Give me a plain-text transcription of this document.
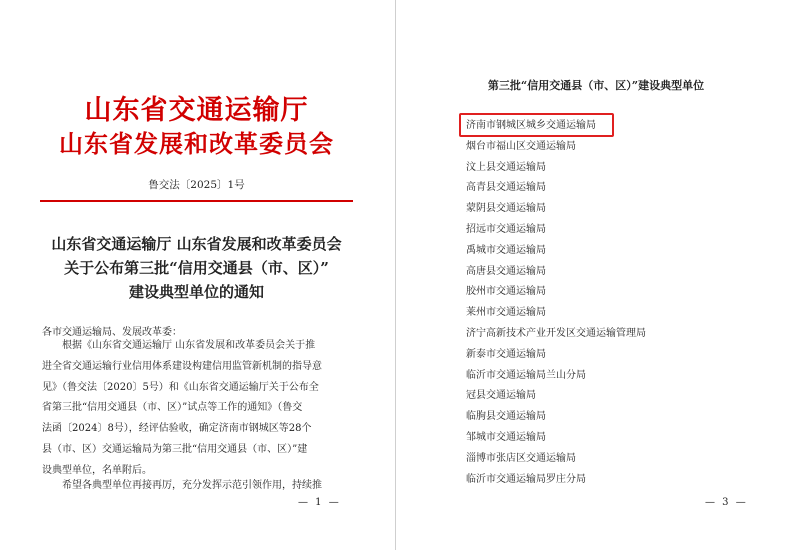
山东省交通运输厅
山东省发展和改革委员会
鲁交法〔2025〕1号
山东省交通运输厅 山东省发展和改革委员会
关于公布第三批“信用交通县（市、区）”
建设典型单位的通知
各市交通运输局、发展改革委：
根据《山东省交通运输厅 山东省发展和改革委员会关于推
进全省交通运输行业信用体系建设构建信用监管新机制的指导意
见》（鲁交法〔2020〕5号）和《山东省交通运输厅关于公布全
省第三批“信用交通县（市、区）”试点等工作的通知》（鲁交
法函〔2024〕8号），经评估验收，确定济南市钢城区等28个
县（市、区）交通运输局为第三批“信用交通县（市、区）”建
设典型单位，名单附后。
希望各典型单位再接再厉，充分发挥示范引领作用，持续推
— 1 —
第三批“信用交通县（市、区）”建设典型单位
济南市钢城区城乡交通运输局
烟台市福山区交通运输局
汶上县交通运输局
高青县交通运输局
蒙阴县交通运输局
招远市交通运输局
禹城市交通运输局
高唐县交通运输局
胶州市交通运输局
莱州市交通运输局
济宁高新技术产业开发区交通运输管理局
新泰市交通运输局
临沂市交通运输局兰山分局
冠县交通运输局
临朐县交通运输局
邹城市交通运输局
淄博市张店区交通运输局
临沂市交通运输局罗庄分局
— 3 —
